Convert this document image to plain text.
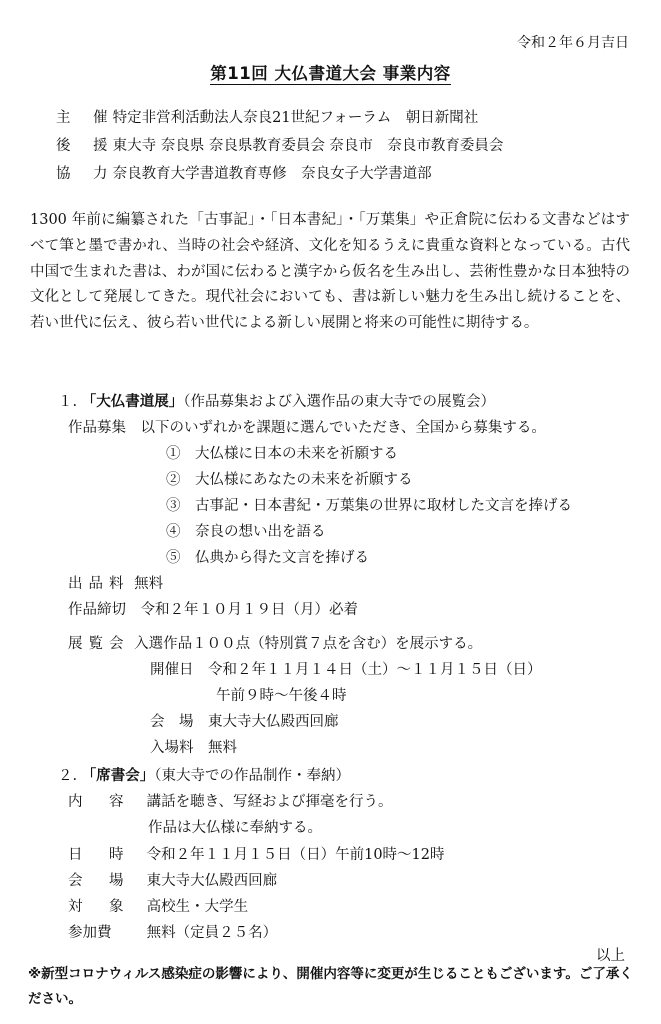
令和２年６月吉日
第11回 大仏書道大会 事業内容
主　催 特定非営利活動法人奈良21世紀フォーラム　朝日新聞社
後　援 東大寺 奈良県 奈良県教育委員会 奈良市　奈良市教育委員会
協　力 奈良教育大学書道教育専修　奈良女子大学書道部
1300 年前に編纂された「古事記」・「日本書紀」・「万葉集」や正倉院に伝わる文書などはすべて筆と墨で書かれ、当時の社会や経済、文化を知るうえに貴重な資料となっている。古代中国で生まれた書は、わが国に伝わると漢字から仮名を生み出し、芸術性豊かな日本独特の文化として発展してきた。現代社会においても、書は新しい魅力を生み出し続けることを、若い世代に伝え、彼ら若い世代による新しい展開と将来の可能性に期待する。
１. 「大仏書道展」（作品募集および入選作品の東大寺での展覧会）
作品募集　 以下のいずれかを課題に選んでいただき、全国から募集する。
①　大仏様に日本の未来を祈願する
②　大仏様にあなたの未来を祈願する
③　古事記・日本書紀・万葉集の世界に取材した文言を捧げる
④　奈良の想い出を語る
⑤　仏典から得た文言を捧げる
出品料 無料
作品締切　 令和２年１０月１９日（月）必着
展覧会 入選作品１００点（特別賞７点を含む）を展示する。
開催日　 令和２年１１月１４日（土）～１１月１５日（日）
午前９時～午後４時
会　場　 東大寺大仏殿西回廊
入場料　 無料
２. 「席書会」（東大寺での作品制作・奉納）
内　容 講話を聴き、写経および揮毫を行う。
作品は大仏様に奉納する。
日　時 令和２年１１月１５日（日）午前10時～12時
会　場 東大寺大仏殿西回廊
対　象 高校生・大学生
参加費 無料（定員２５名）
以上
※新型コロナウィルス感染症の影響により、開催内容等に変更が生じることもございます。ご了承ください。
